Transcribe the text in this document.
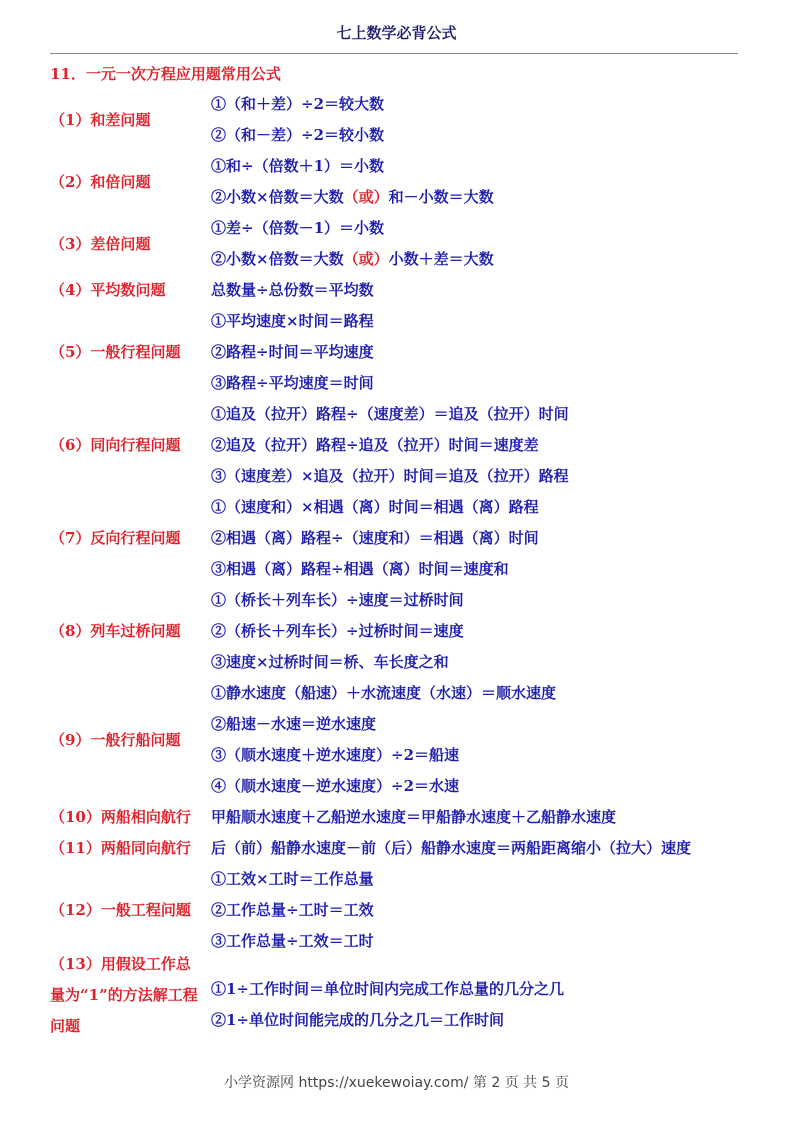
七上数学必背公式
11．一元一次方程应用题常用公式
①（和＋差）÷2＝较大数
②（和－差）÷2＝较小数
（1）和差问题
①和÷（倍数＋1）＝小数
②小数×倍数＝大数（或）和－小数＝大数
（2）和倍问题
①差÷（倍数－1）＝小数
②小数×倍数＝大数（或）小数＋差＝大数
（3）差倍问题
总数量÷总份数＝平均数
（4）平均数问题
①平均速度×时间＝路程
②路程÷时间＝平均速度
③路程÷平均速度＝时间
（5）一般行程问题
①追及（拉开）路程÷（速度差）＝追及（拉开）时间
②追及（拉开）路程÷追及（拉开）时间＝速度差
③（速度差）×追及（拉开）时间＝追及（拉开）路程
（6）同向行程问题
①（速度和）×相遇（离）时间＝相遇（离）路程
②相遇（离）路程÷（速度和）＝相遇（离）时间
③相遇（离）路程÷相遇（离）时间＝速度和
（7）反向行程问题
①（桥长＋列车长）÷速度＝过桥时间
②（桥长＋列车长）÷过桥时间＝速度
③速度×过桥时间＝桥、车长度之和
（8）列车过桥问题
①静水速度（船速）＋水流速度（水速）＝顺水速度
②船速－水速＝逆水速度
③（顺水速度＋逆水速度）÷2＝船速
④（顺水速度－逆水速度）÷2＝水速
（9）一般行船问题
甲船顺水速度＋乙船逆水速度＝甲船静水速度＋乙船静水速度
（10）两船相向航行
后（前）船静水速度－前（后）船静水速度＝两船距离缩小（拉大）速度
（11）两船同向航行
①工效×工时＝工作总量
②工作总量÷工时＝工效
③工作总量÷工效＝工时
（12）一般工程问题
①1÷工作时间＝单位时间内完成工作总量的几分之几
②1÷单位时间能完成的几分之几＝工作时间
（13）用假设工作总量为“1”的方法解工程问题
小学资源网 https://xuekewoiay.com/ 第 2 页 共 5 页
